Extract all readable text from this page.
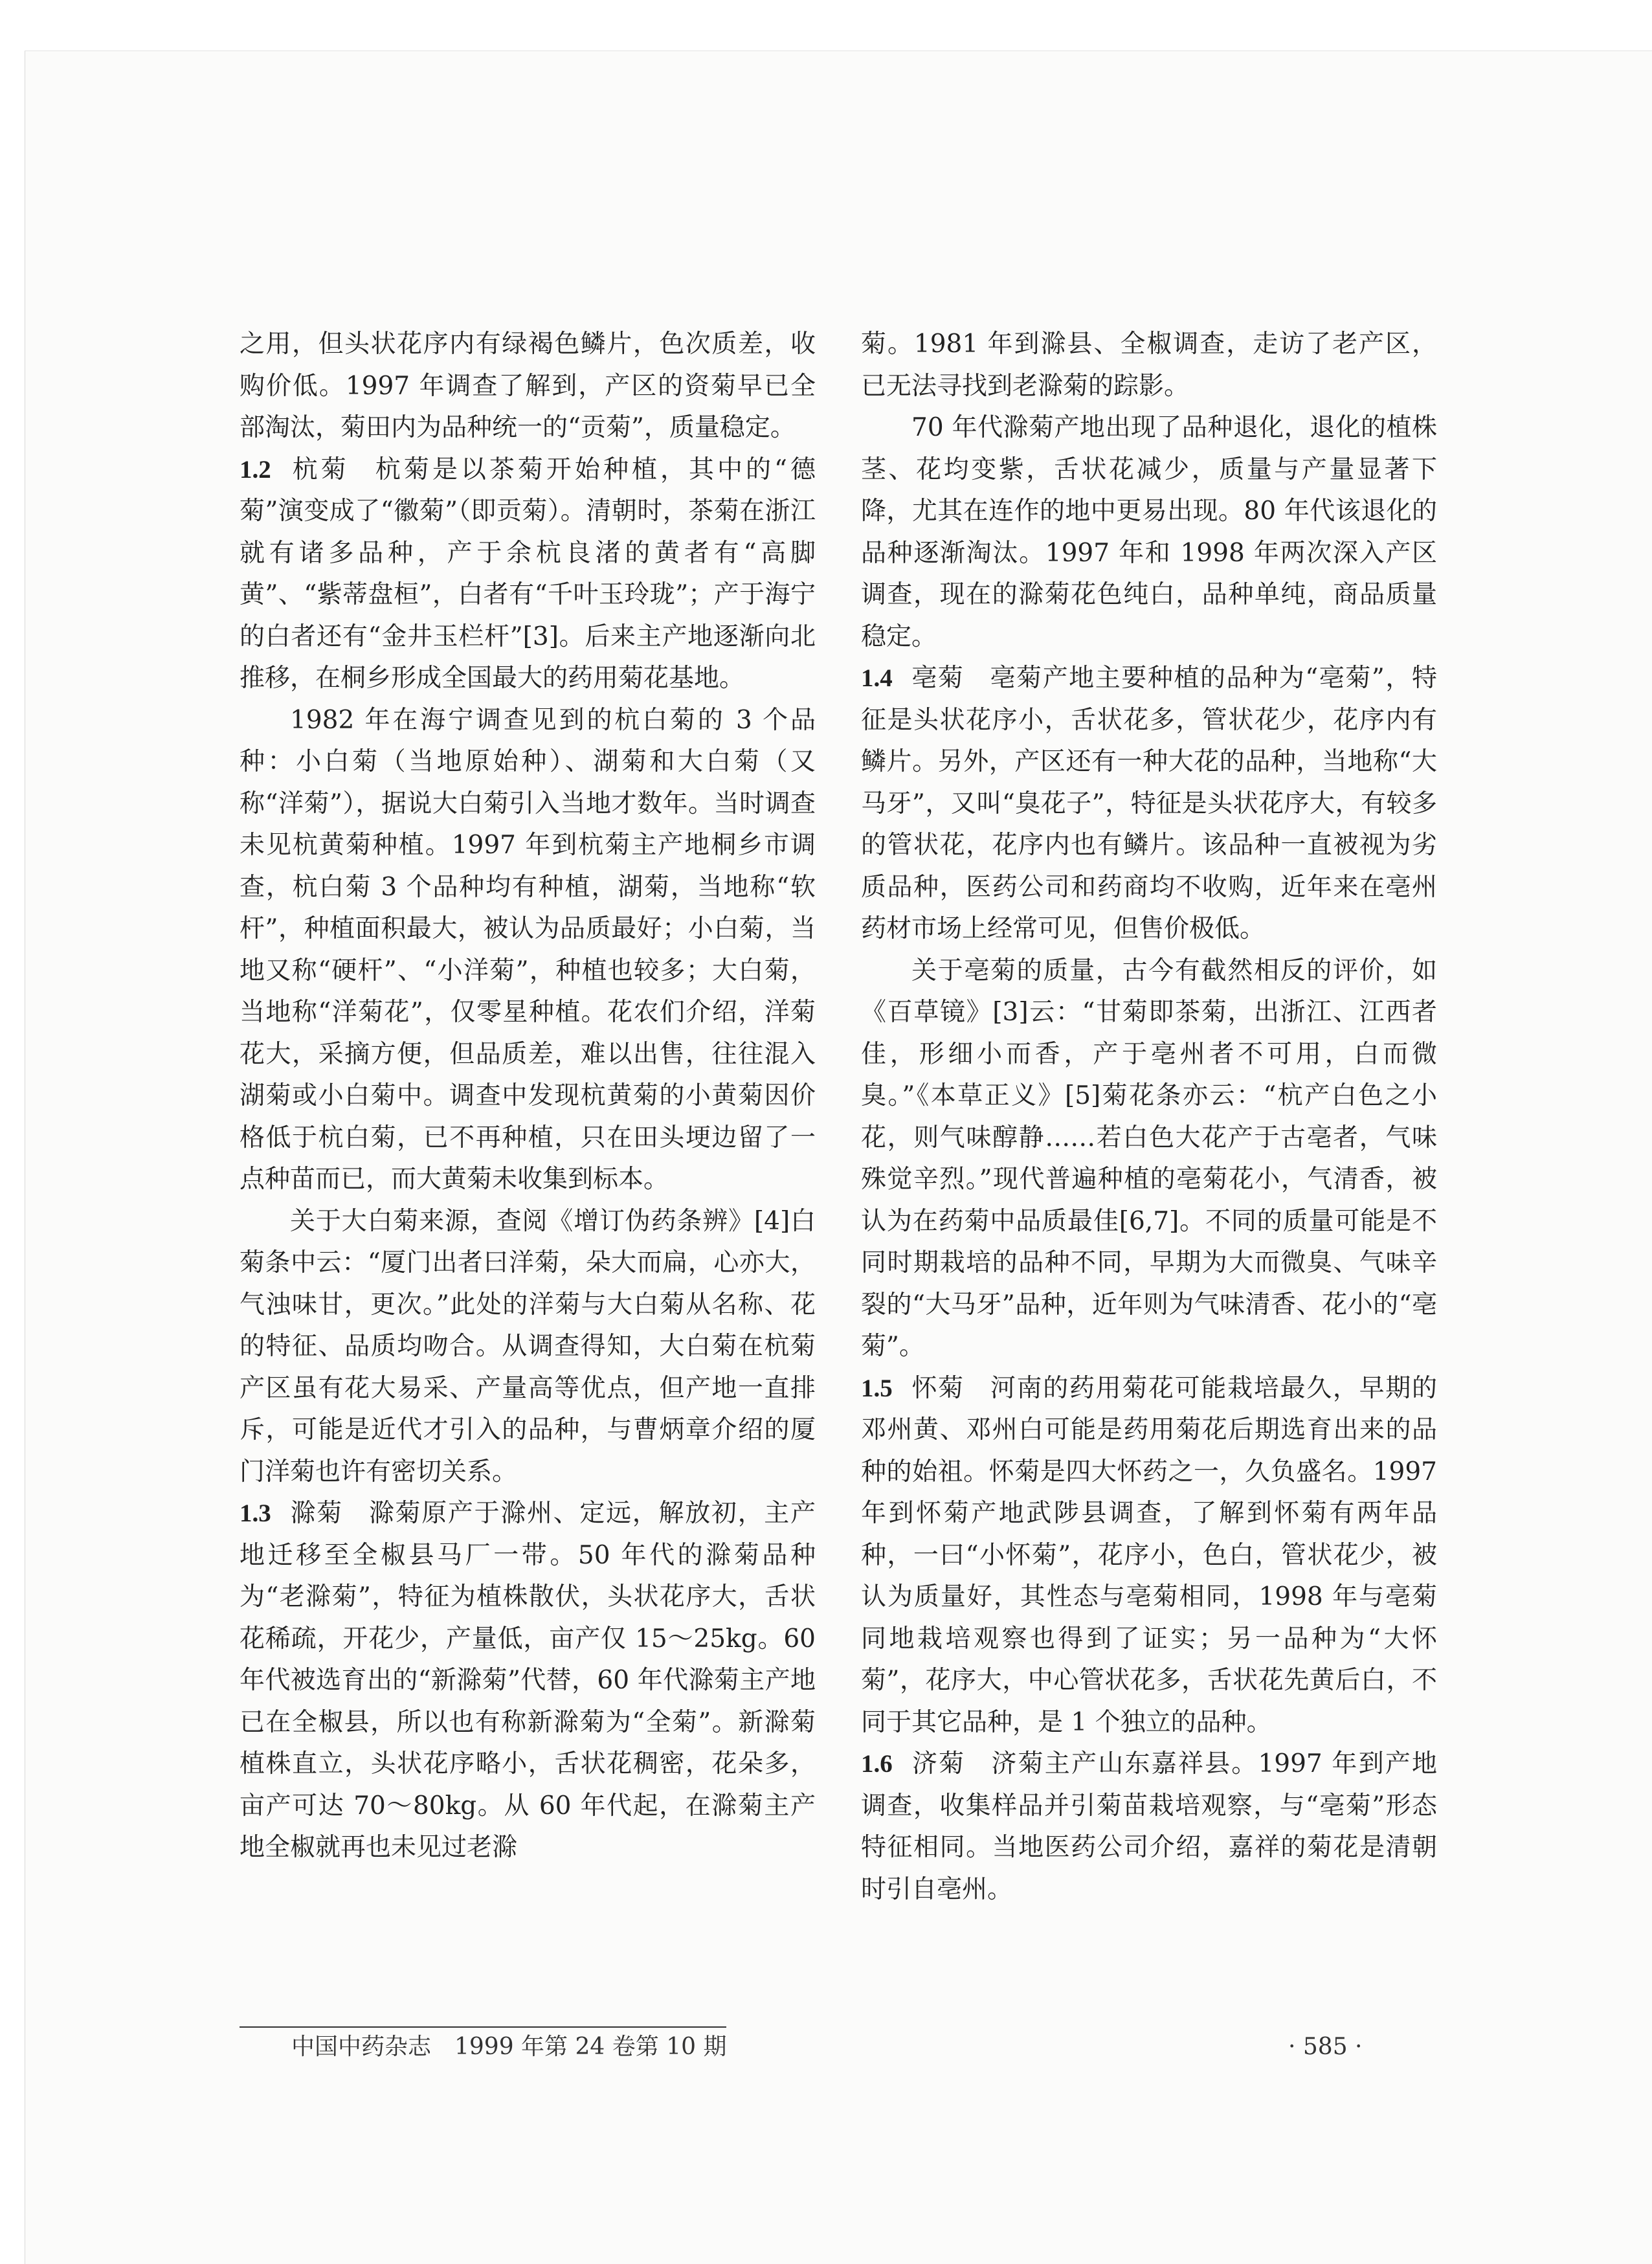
之用，但头状花序内有绿褐色鳞片，色次质差，收购价低。1997 年调查了解到，产区的资菊早已全部淘汰，菊田内为品种统一的“贡菊”，质量稳定。

1.2 杭菊 杭菊是以茶菊开始种植，其中的“德菊”演变成了“徽菊”（即贡菊）。清朝时，茶菊在浙江就有诸多品种，产于余杭良渚的黄者有“高脚黄”、“紫蒂盘桓”，白者有“千叶玉玲珑”；产于海宁的白者还有“金井玉栏杆”[3]。后来主产地逐渐向北推移，在桐乡形成全国最大的药用菊花基地。

1982 年在海宁调查见到的杭白菊的 3 个品种：小白菊（当地原始种）、湖菊和大白菊（又称“洋菊”），据说大白菊引入当地才数年。当时调查未见杭黄菊种植。1997 年到杭菊主产地桐乡市调查，杭白菊 3 个品种均有种植，湖菊，当地称“软杆”，种植面积最大，被认为品质最好；小白菊，当地又称“硬杆”、“小洋菊”，种植也较多；大白菊，当地称“洋菊花”，仅零星种植。花农们介绍，洋菊花大，采摘方便，但品质差，难以出售，往往混入湖菊或小白菊中。调查中发现杭黄菊的小黄菊因价格低于杭白菊，已不再种植，只在田头埂边留了一点种苗而已，而大黄菊未收集到标本。

关于大白菊来源，查阅《增订伪药条辨》[4]白菊条中云：“厦门出者曰洋菊，朵大而扁，心亦大，气浊味甘，更次。”此处的洋菊与大白菊从名称、花的特征、品质均吻合。从调查得知，大白菊在杭菊产区虽有花大易采、产量高等优点，但产地一直排斥，可能是近代才引入的品种，与曹炳章介绍的厦门洋菊也许有密切关系。

1.3 滁菊 滁菊原产于滁州、定远，解放初，主产地迁移至全椒县马厂一带。50 年代的滁菊品种为“老滁菊”，特征为植株散伏，头状花序大，舌状花稀疏，开花少，产量低，亩产仅 15～25kg。60 年代被选育出的“新滁菊”代替，60 年代滁菊主产地已在全椒县，所以也有称新滁菊为“全菊”。新滁菊植株直立，头状花序略小，舌状花稠密，花朵多，亩产可达 70～80kg。从 60 年代起，在滁菊主产地全椒就再也未见过老滁

菊。1981 年到滁县、全椒调查，走访了老产区，已无法寻找到老滁菊的踪影。

70 年代滁菊产地出现了品种退化，退化的植株茎、花均变紫，舌状花减少，质量与产量显著下降，尤其在连作的地中更易出现。80 年代该退化的品种逐渐淘汰。1997 年和 1998 年两次深入产区调查，现在的滁菊花色纯白，品种单纯，商品质量稳定。

1.4 亳菊 亳菊产地主要种植的品种为“亳菊”，特征是头状花序小，舌状花多，管状花少，花序内有鳞片。另外，产区还有一种大花的品种，当地称“大马牙”，又叫“臭花子”，特征是头状花序大，有较多的管状花，花序内也有鳞片。该品种一直被视为劣质品种，医药公司和药商均不收购，近年来在亳州药材市场上经常可见，但售价极低。

关于亳菊的质量，古今有截然相反的评价，如《百草镜》[3]云：“甘菊即茶菊，出浙江、江西者佳，形细小而香，产于亳州者不可用，白而微臭。”《本草正义》[5]菊花条亦云：“杭产白色之小花，则气味醇静……若白色大花产于古亳者，气味殊觉辛烈。”现代普遍种植的亳菊花小，气清香，被认为在药菊中品质最佳[6,7]。不同的质量可能是不同时期栽培的品种不同，早期为大而微臭、气味辛裂的“大马牙”品种，近年则为气味清香、花小的“亳菊”。

1.5 怀菊 河南的药用菊花可能栽培最久，早期的邓州黄、邓州白可能是药用菊花后期选育出来的品种的始祖。怀菊是四大怀药之一，久负盛名。1997 年到怀菊产地武陟县调查，了解到怀菊有两年品种，一曰“小怀菊”，花序小，色白，管状花少，被认为质量好，其性态与亳菊相同，1998 年与亳菊同地栽培观察也得到了证实；另一品种为“大怀菊”，花序大，中心管状花多，舌状花先黄后白，不同于其它品种，是 1 个独立的品种。

1.6 济菊 济菊主产山东嘉祥县。1997 年到产地调查，收集样品并引菊苗栽培观察，与“亳菊”形态特征相同。当地医药公司介绍，嘉祥的菊花是清朝时引自亳州。

中国中药杂志　1999 年第 24 卷第 10 期	· 585 ·
